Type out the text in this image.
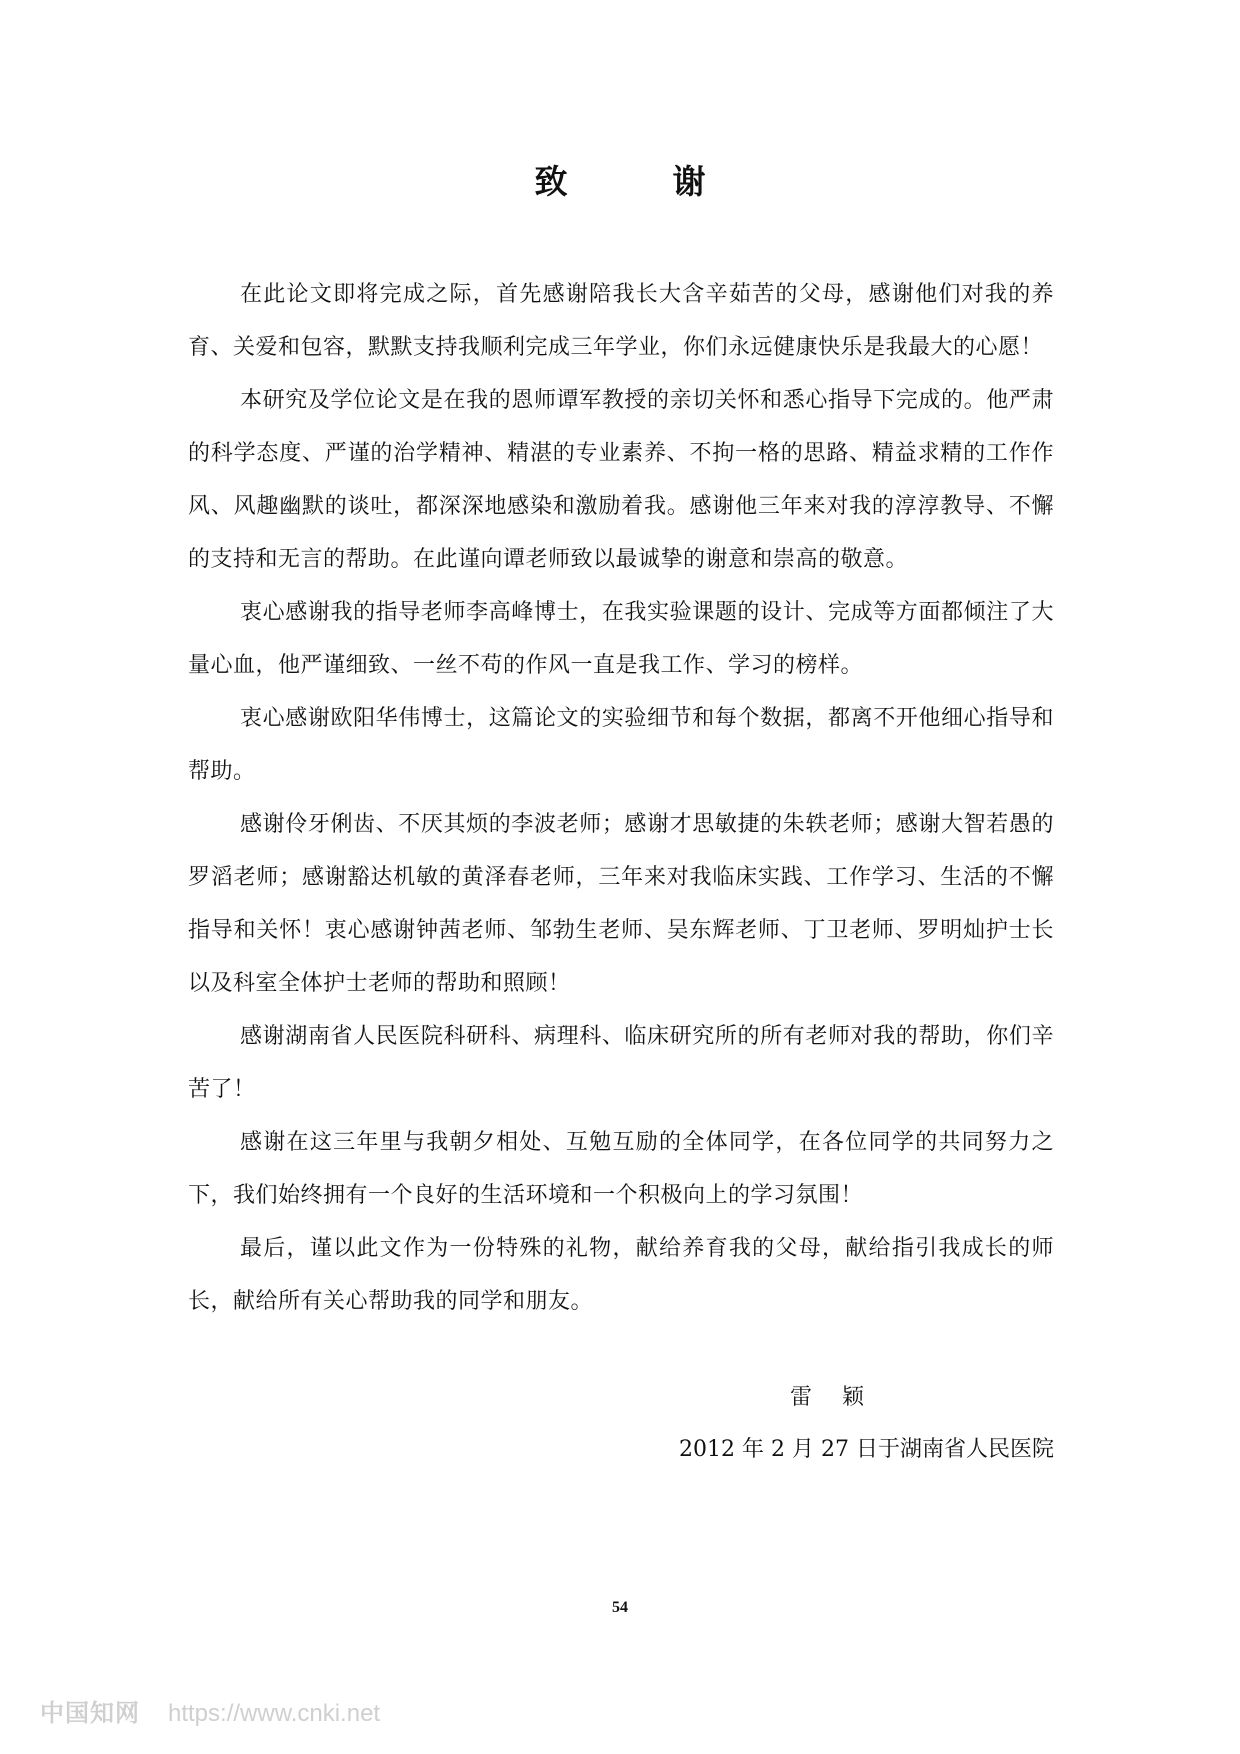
致　谢

在此论文即将完成之际，首先感谢陪我长大含辛茹苦的父母，感谢他们对我的养育、关爱和包容，默默支持我顺利完成三年学业，你们永远健康快乐是我最大的心愿！

本研究及学位论文是在我的恩师谭军教授的亲切关怀和悉心指导下完成的。他严肃的科学态度、严谨的治学精神、精湛的专业素养、不拘一格的思路、精益求精的工作作风、风趣幽默的谈吐，都深深地感染和激励着我。感谢他三年来对我的淳淳教导、不懈的支持和无言的帮助。在此谨向谭老师致以最诚挚的谢意和崇高的敬意。

衷心感谢我的指导老师李高峰博士，在我实验课题的设计、完成等方面都倾注了大量心血，他严谨细致、一丝不苟的作风一直是我工作、学习的榜样。

衷心感谢欧阳华伟博士，这篇论文的实验细节和每个数据，都离不开他细心指导和帮助。

感谢伶牙俐齿、不厌其烦的李波老师；感谢才思敏捷的朱轶老师；感谢大智若愚的罗滔老师；感谢豁达机敏的黄泽春老师，三年来对我临床实践、工作学习、生活的不懈指导和关怀！衷心感谢钟茜老师、邹勃生老师、吴东辉老师、丁卫老师、罗明灿护士长以及科室全体护士老师的帮助和照顾！

感谢湖南省人民医院科研科、病理科、临床研究所的所有老师对我的帮助，你们辛苦了！

感谢在这三年里与我朝夕相处、互勉互励的全体同学，在各位同学的共同努力之下，我们始终拥有一个良好的生活环境和一个积极向上的学习氛围！

最后，谨以此文作为一份特殊的礼物，献给养育我的父母，献给指引我成长的师长，献给所有关心帮助我的同学和朋友。

雷颖
2012 年 2 月 27 日于湖南省人民医院
54
中国知网 https://www.cnki.net
